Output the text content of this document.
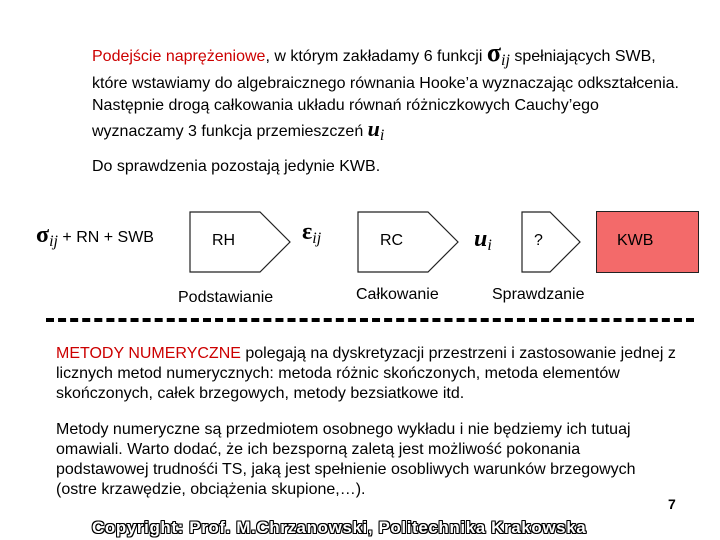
Podejście naprężeniowe, w którym zakładamy 6 funkcji $\sigma_{ij}$ spełniających SWB, które wstawiamy do algebraicznego równania Hooke’a wyznaczając odkształcenia. Następnie drogą całkowania układu równań różniczkowych Cauchy’ego wyznaczamy 3 funkcja przemieszczeń $u_i$
Do sprawdzenia pozostają jedynie KWB.
$\sigma_{ij}$ + RN + SWB	RH	$\varepsilon_{ij}$	RC	$u_i$	?	KWB
Podstawianie	Całkowanie	Sprawdzanie
METODY NUMERYCZNE polegają na dyskretyzacji przestrzeni i zastosowanie jednej z licznych metod numerycznych: metoda różnic skończonych, metoda elementów skończonych, całek brzegowych, metody bezsiatkowe itd.
Metody numeryczne są przedmiotem osobnego wykładu i nie będziemy ich tutuaj omawiali. Warto dodać, że ich bezsporną zaletą jest możliwość pokonania podstawowej trudnośći TS, jaką jest spełnienie osobliwych warunków brzegowych (ostre krzawędzie, obciążenia skupione,…).
7
Copyright: Prof. M.Chrzanowski, Politechnika Krakowska
